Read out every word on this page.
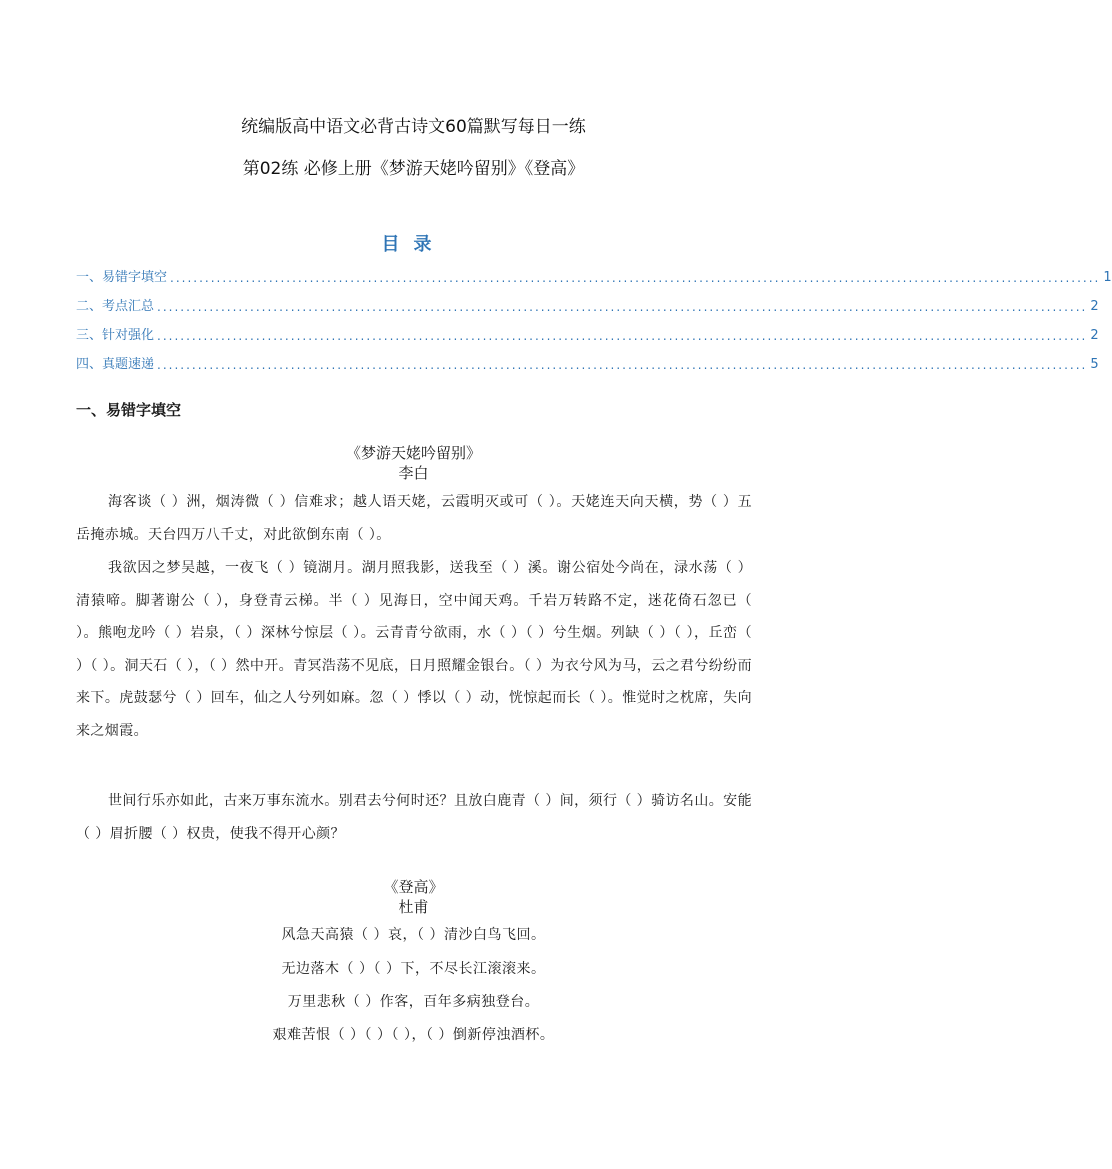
统编版高中语文必背古诗文60篇默写每日一练
第02练 必修上册《梦游天姥吟留别》《登高》
目录
一、易错字填空 ................................................................................................................................................................ 1
二、考点汇总 ................................................................................................................................................................ 2
三、针对强化 ................................................................................................................................................................ 2
四、真题速递 ................................................................................................................................................................ 5
一、易错字填空
《梦游天姥吟留别》
李白

海客谈（ ）洲，烟涛微（ ）信难求；越人语天姥，云霞明灭或可（ ）。天姥连天向天横，势（ ）五岳掩赤城。天台四万八千丈，对此欲倒东南（ ）。

我欲因之梦吴越，一夜飞（ ）镜湖月。湖月照我影，送我至（ ）溪。谢公宿处今尚在，渌水荡（ ）清猿啼。脚著谢公（ ），身登青云梯。半（ ）见海日，空中闻天鸡。千岩万转路不定，迷花倚石忽已（ ）。熊咆龙吟（ ）岩泉，（ ）深林兮惊层（ ）。云青青兮欲雨，水（ ）（ ）兮生烟。列缺（ ）（ ），丘峦（ ）（ ）。洞天石（ ），（ ）然中开。青冥浩荡不见底，日月照耀金银台。（ ）为衣兮风为马，云之君兮纷纷而来下。虎鼓瑟兮（ ）回车，仙之人兮列如麻。忽（ ）悸以（ ）动，恍惊起而长（ ）。惟觉时之枕席，失向来之烟霞。

世间行乐亦如此，古来万事东流水。别君去兮何时还？且放白鹿青（ ）间，须行（ ）骑访名山。安能（ ）眉折腰（ ）权贵，使我不得开心颜？

《登高》
杜甫
风急天高猿（ ）哀，（ ）清沙白鸟飞回。
无边落木（ ）（ ）下，不尽长江滚滚来。
万里悲秋（ ）作客，百年多病独登台。
艰难苦恨（ ）（ ）（ ），（ ）倒新停浊酒杯。
